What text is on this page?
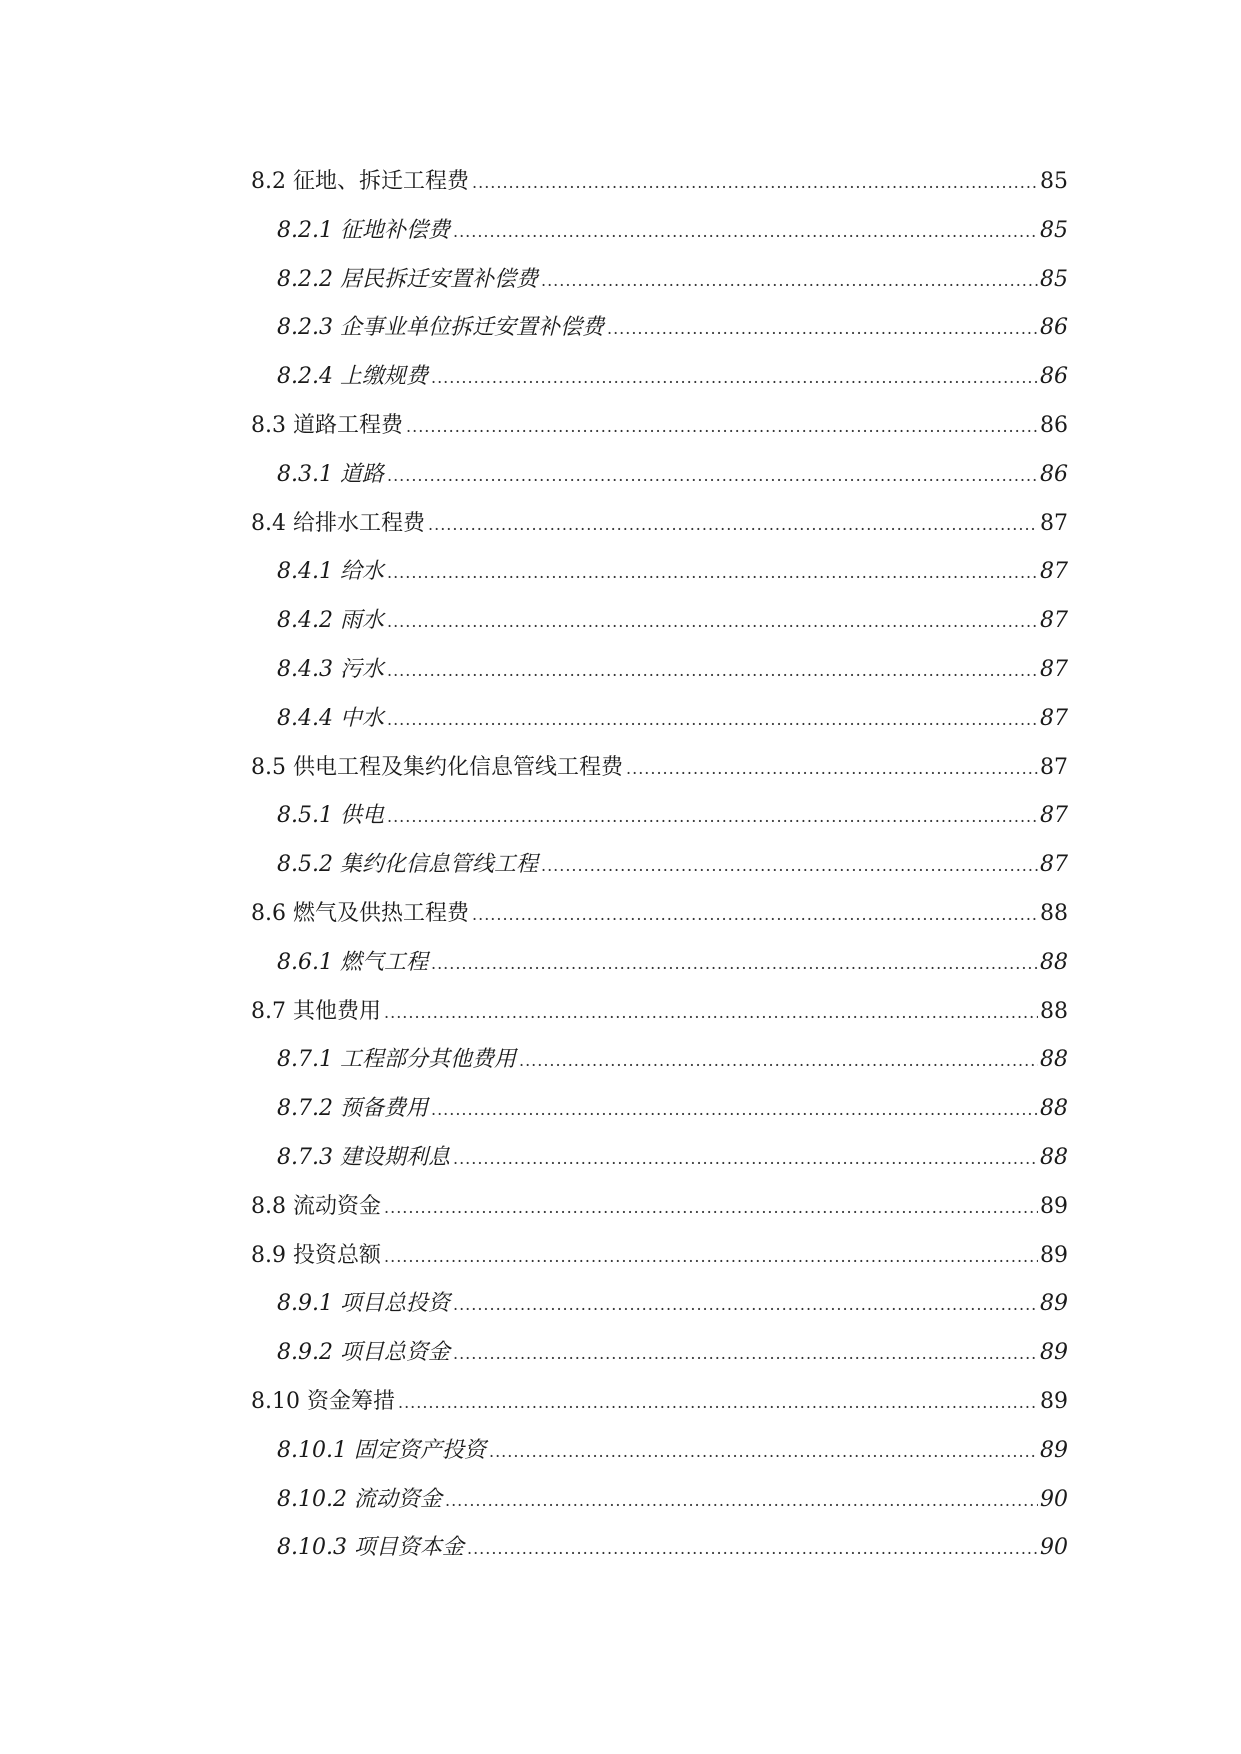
8.2 征地、拆迁工程费 .....	85
8.2.1 征地补偿费 .....	85
8.2.2 居民拆迁安置补偿费 .....	85
8.2.3 企事业单位拆迁安置补偿费 .....	86
8.2.4 上缴规费 .....	86
8.3 道路工程费 .....	86
8.3.1 道路 .....	86
8.4 给排水工程费 .....	87
8.4.1 给水 .....	87
8.4.2 雨水 .....	87
8.4.3 污水 .....	87
8.4.4 中水 .....	87
8.5 供电工程及集约化信息管线工程费 .....	87
8.5.1 供电 .....	87
8.5.2 集约化信息管线工程 .....	87
8.6 燃气及供热工程费 .....	88
8.6.1 燃气工程 .....	88
8.7 其他费用 .....	88
8.7.1 工程部分其他费用 .....	88
8.7.2 预备费用 .....	88
8.7.3 建设期利息 .....	88
8.8 流动资金 .....	89
8.9 投资总额 .....	89
8.9.1 项目总投资 .....	89
8.9.2 项目总资金 .....	89
8.10 资金筹措 .....	89
8.10.1 固定资产投资 .....	89
8.10.2 流动资金 .....	90
8.10.3 项目资本金 .....	90
